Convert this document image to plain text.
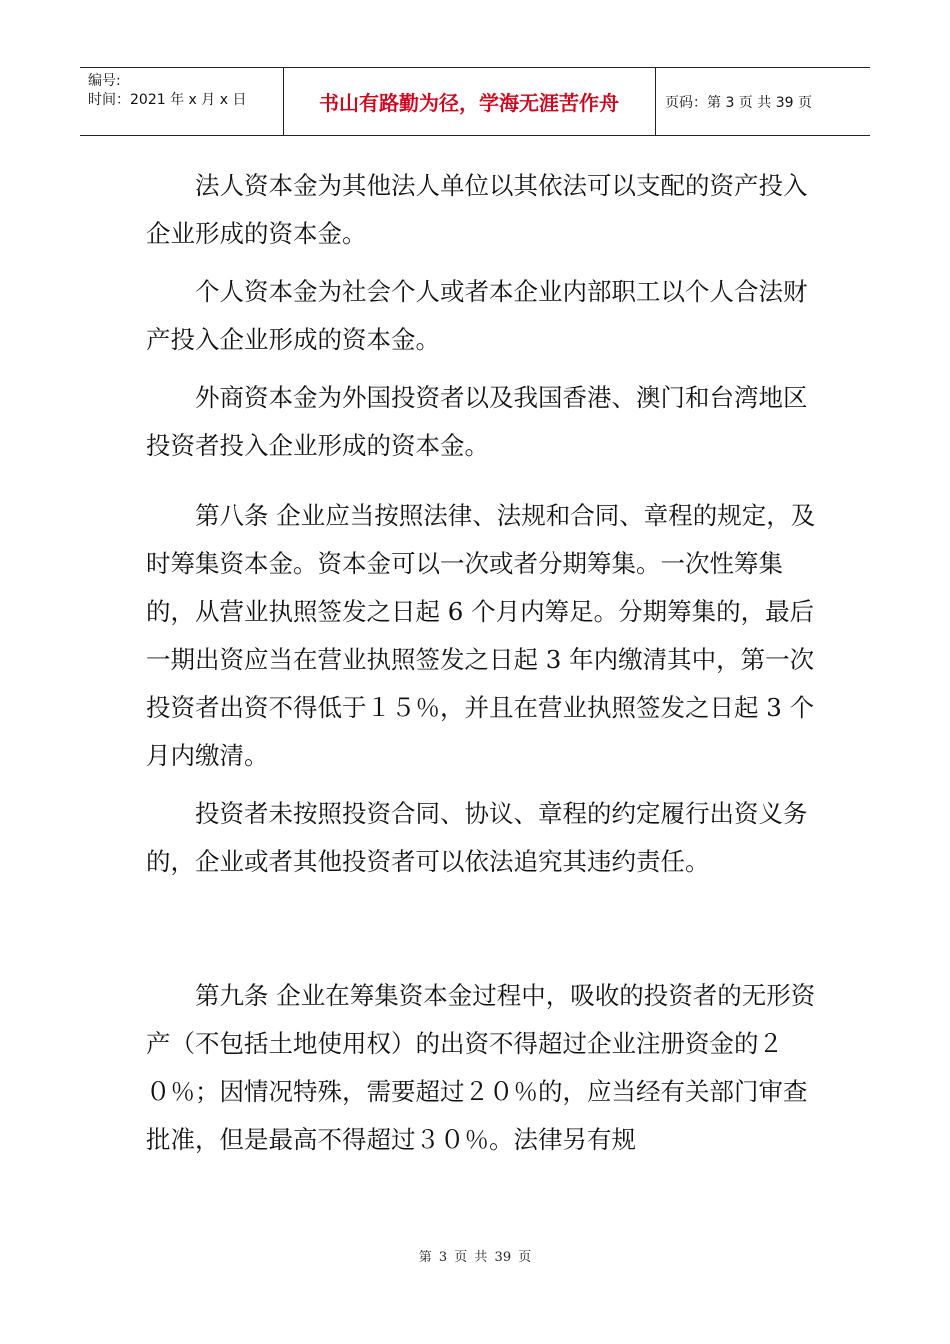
编号:
时间：2021 年 x 月 x 日	书山有路勤为径，学海无涯苦作舟	页码：第 3 页 共 39 页

法人资本金为其他法人单位以其依法可以支配的资产投入企业形成的资本金。

个人资本金为社会个人或者本企业内部职工以个人合法财产投入企业形成的资本金。

外商资本金为外国投资者以及我国香港、澳门和台湾地区投资者投入企业形成的资本金。

第八条 企业应当按照法律、法规和合同、章程的规定，及时筹集资本金。资本金可以一次或者分期筹集。一次性筹集的，从营业执照签发之日起 6 个月内筹足。分期筹集的，最后一期出资应当在营业执照签发之日起 3 年内缴清其中，第一次投资者出资不得低于１５％，并且在营业执照签发之日起 3 个月内缴清。

投资者未按照投资合同、协议、章程的约定履行出资义务的，企业或者其他投资者可以依法追究其违约责任。

第九条 企业在筹集资本金过程中，吸收的投资者的无形资产（不包括土地使用权）的出资不得超过企业注册资金的２０％；因情况特殊，需要超过２０％的，应当经有关部门审查批准，但是最高不得超过３０％。法律另有规

第 3 页 共 39 页
